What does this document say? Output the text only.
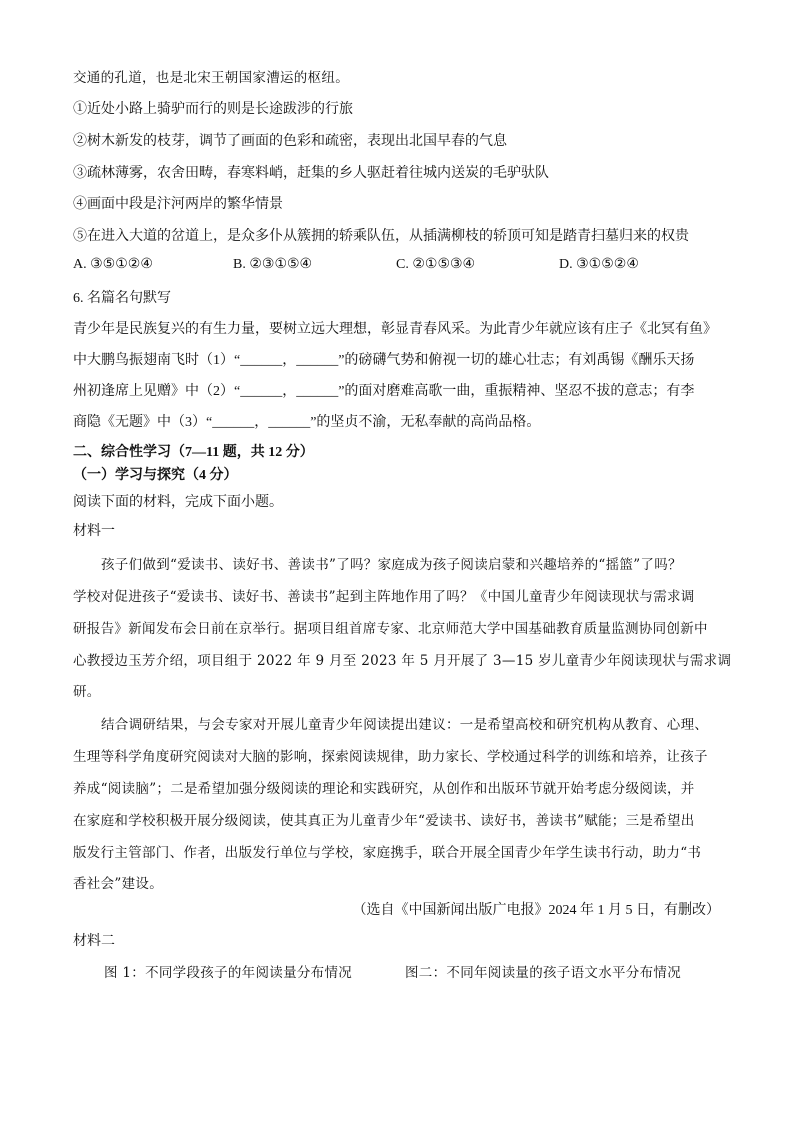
交通的孔道，也是北宋王朝国家漕运的枢纽。
①近处小路上骑驴而行的则是长途跋涉的行旅
②树木新发的枝芽，调节了画面的色彩和疏密，表现出北国早春的气息
③疏林薄雾，农舍田畴，春寒料峭，赶集的乡人驱赶着往城内送炭的毛驴驮队
④画面中段是汴河两岸的繁华情景
⑤在进入大道的岔道上，是众多仆从簇拥的轿乘队伍，从插满柳枝的轿顶可知是踏青扫墓归来的权贵
A. ③⑤①②④	B. ②③①⑤④	C. ②①⑤③④	D. ③①⑤②④
6. 名篇名句默写
青少年是民族复兴的有生力量，要树立远大理想，彰显青春风采。为此青少年就应该有庄子《北冥有鱼》
中大鹏鸟振翅南飞时（1）“______，______”的磅礴气势和俯视一切的雄心壮志；有刘禹锡《酬乐天扬
州初逢席上见赠》中（2）“______，______”的面对磨难高歌一曲，重振精神、坚忍不拔的意志；有李
商隐《无题》中（3）“______，______”的坚贞不渝，无私奉献的高尚品格。
二、综合性学习（7—11 题，共 12 分）
（一）学习与探究（4 分）
阅读下面的材料，完成下面小题。
材料一
孩子们做到“爱读书、读好书、善读书”了吗？家庭成为孩子阅读启蒙和兴趣培养的“摇篮”了吗？
学校对促进孩子“爱读书、读好书、善读书”起到主阵地作用了吗？《中国儿童青少年阅读现状与需求调
研报告》新闻发布会日前在京举行。据项目组首席专家、北京师范大学中国基础教育质量监测协同创新中
心教授边玉芳介绍，项目组于 2022 年 9 月至 2023 年 5 月开展了 3—15 岁儿童青少年阅读现状与需求调
研。
结合调研结果，与会专家对开展儿童青少年阅读提出建议：一是希望高校和研究机构从教育、心理、
生理等科学角度研究阅读对大脑的影响，探索阅读规律，助力家长、学校通过科学的训练和培养，让孩子
养成“阅读脑”；二是希望加强分级阅读的理论和实践研究，从创作和出版环节就开始考虑分级阅读，并
在家庭和学校积极开展分级阅读，使其真正为儿童青少年“爱读书、读好书，善读书”赋能；三是希望出
版发行主管部门、作者，出版发行单位与学校，家庭携手，联合开展全国青少年学生读书行动，助力“书
香社会”建设。
（选自《中国新闻出版广电报》2024 年 1 月 5 日，有删改）
材料二
图 1：不同学段孩子的年阅读量分布情况	图二：不同年阅读量的孩子语文水平分布情况
